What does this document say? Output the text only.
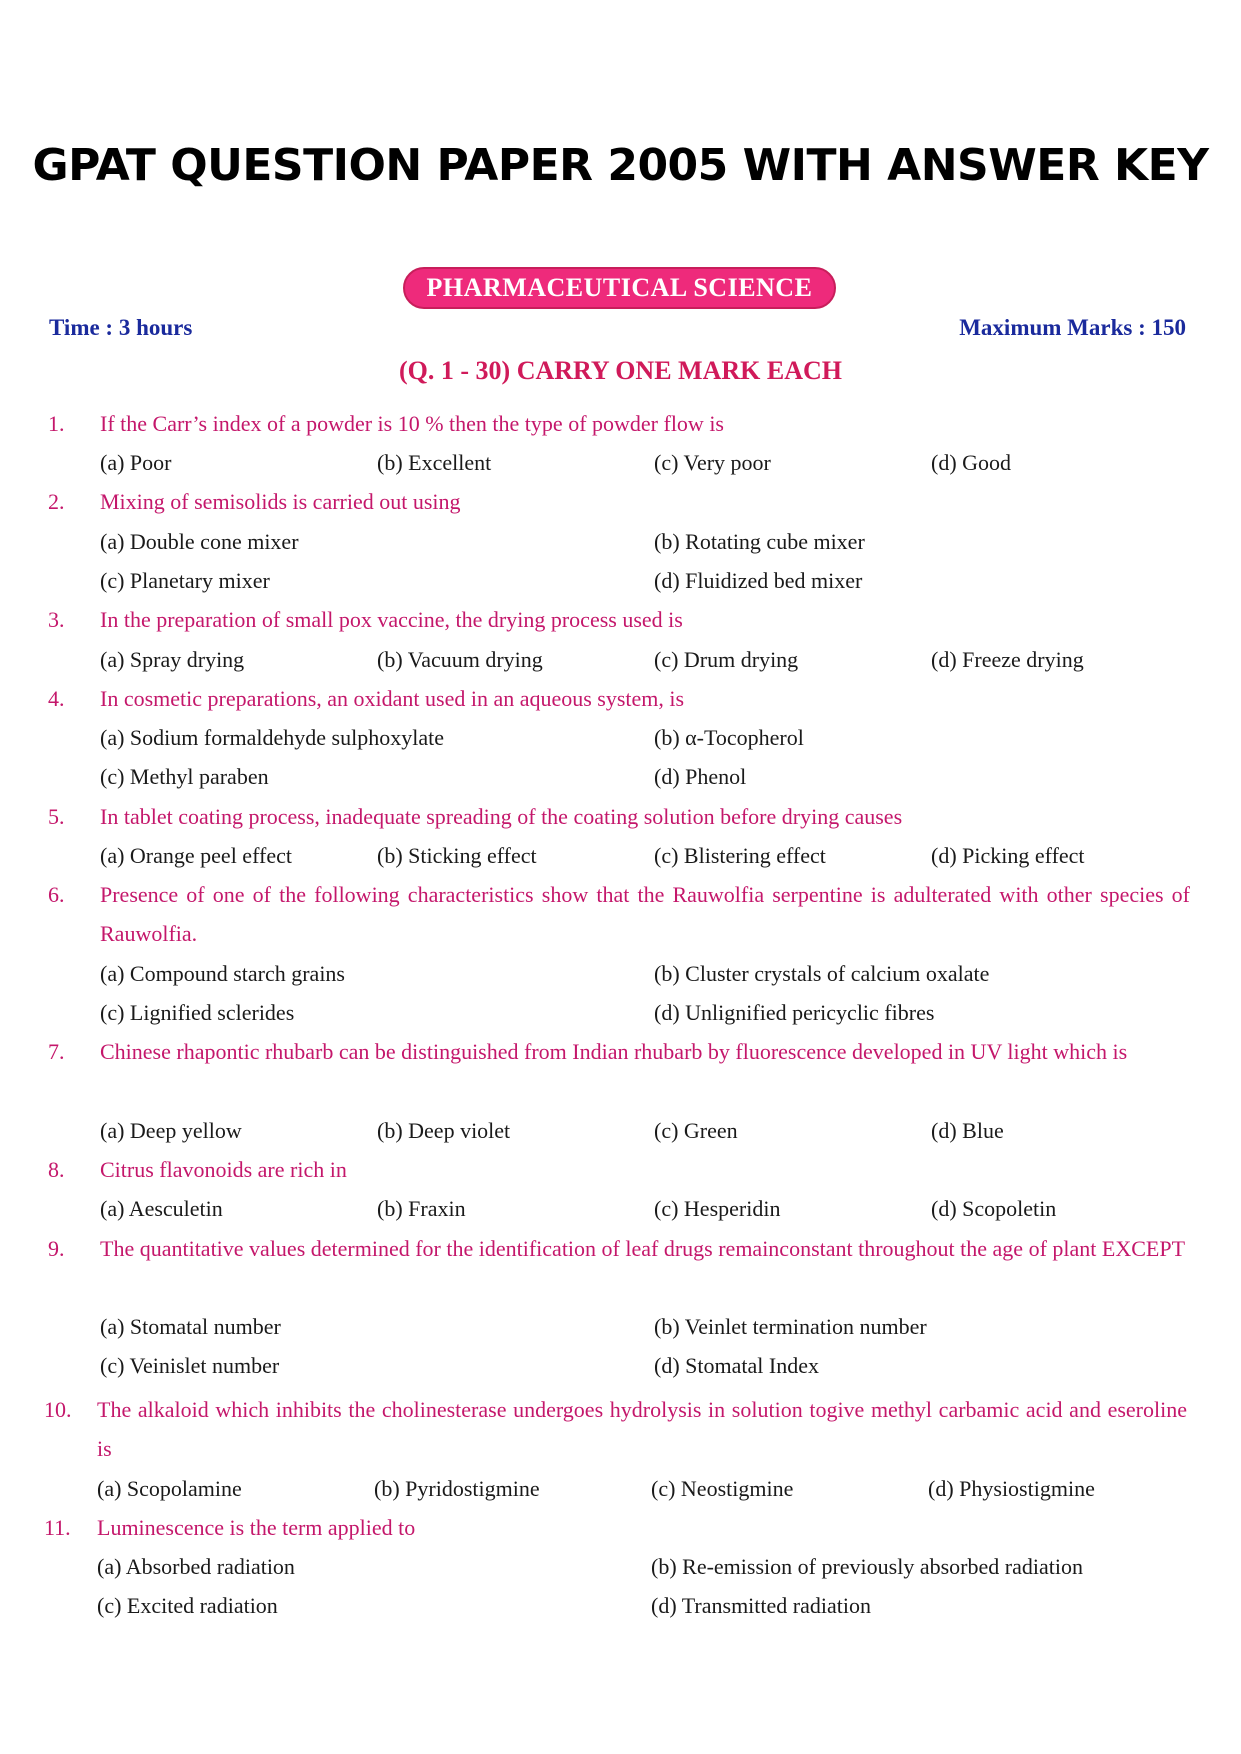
GPAT QUESTION PAPER 2005 WITH ANSWER KEY
PHARMACEUTICAL SCIENCE
Time : 3 hours	Maximum Marks : 150
(Q. 1 - 30) CARRY ONE MARK EACH
1. If the Carr’s index of a powder is 10 % then the type of powder flow is
(a) Poor	(b) Excellent	(c) Very poor	(d) Good
2. Mixing of semisolids is carried out using
(a) Double cone mixer	(b) Rotating cube mixer
(c) Planetary mixer	(d) Fluidized bed mixer
3. In the preparation of small pox vaccine, the drying process used is
(a) Spray drying	(b) Vacuum drying	(c) Drum drying	(d) Freeze drying
4. In cosmetic preparations, an oxidant used in an aqueous system, is
(a) Sodium formaldehyde sulphoxylate	(b) α-Tocopherol
(c) Methyl paraben	(d) Phenol
5. In tablet coating process, inadequate spreading of the coating solution before drying causes
(a) Orange peel effect	(b) Sticking effect	(c) Blistering effect	(d) Picking effect
6. Presence of one of the following characteristics show that the Rauwolfia serpentine is adulterated with other species of Rauwolfia.
(a) Compound starch grains	(b) Cluster crystals of calcium oxalate
(c) Lignified sclerides	(d) Unlignified pericyclic fibres
7. Chinese rhapontic rhubarb can be distinguished from Indian rhubarb by fluorescence developed in UV light which is
(a) Deep yellow	(b) Deep violet	(c) Green	(d) Blue
8. Citrus flavonoids are rich in
(a) Aesculetin	(b) Fraxin	(c) Hesperidin	(d) Scopoletin
9. The quantitative values determined for the identification of leaf drugs remainconstant throughout the age of plant EXCEPT
(a) Stomatal number	(b) Veinlet termination number
(c) Veinislet number	(d) Stomatal Index
10. The alkaloid which inhibits the cholinesterase undergoes hydrolysis in solution togive methyl carbamic acid and eseroline is
(a) Scopolamine	(b) Pyridostigmine	(c) Neostigmine	(d) Physiostigmine
11. Luminescence is the term applied to
(a) Absorbed radiation	(b) Re-emission of previously absorbed radiation
(c) Excited radiation	(d) Transmitted radiation
